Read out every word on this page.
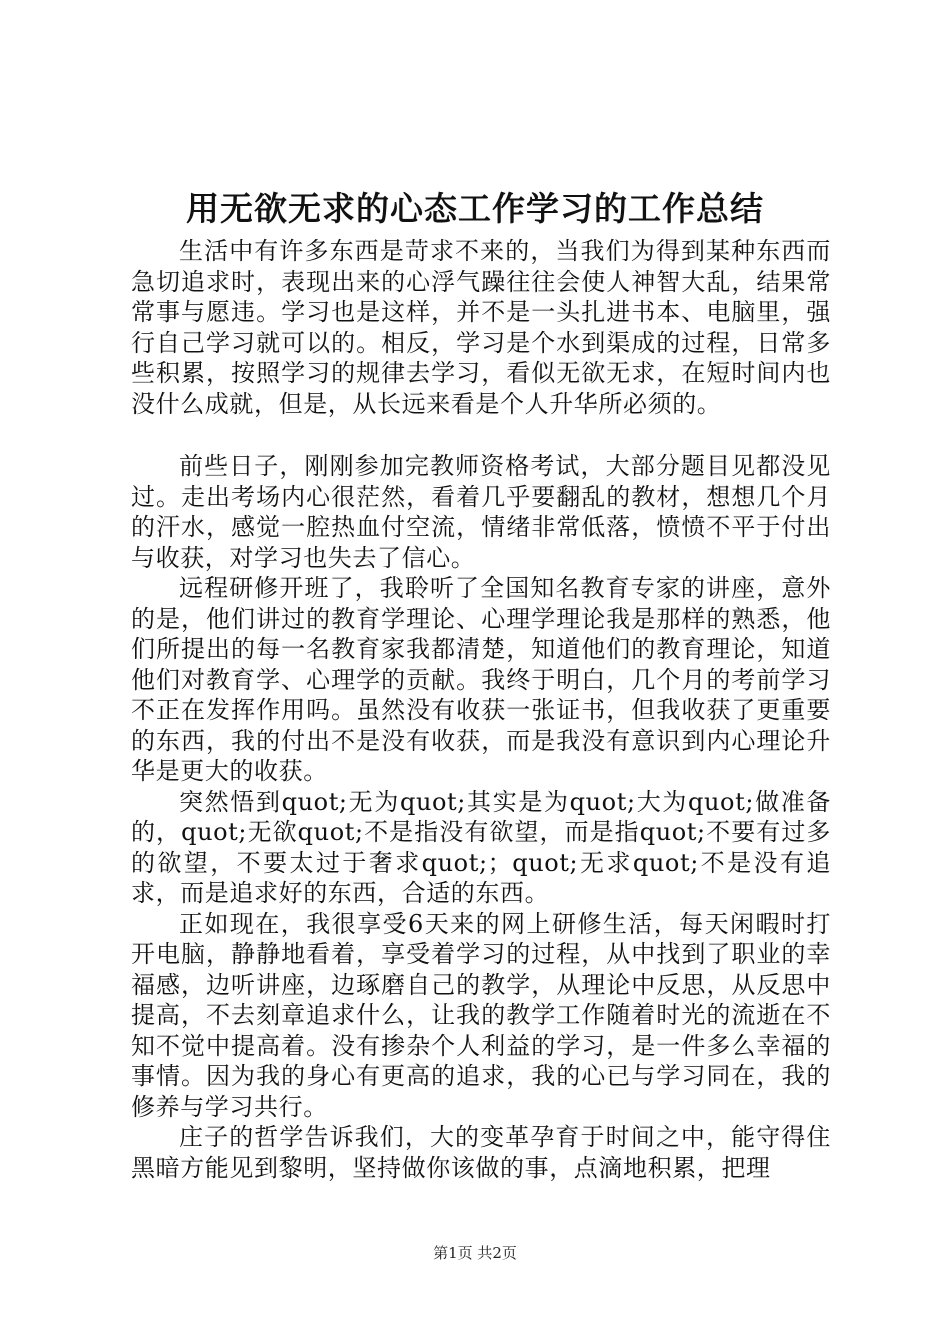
用无欲无求的心态工作学习的工作总结

生活中有许多东西是苛求不来的，当我们为得到某种东西而急切追求时，表现出来的心浮气躁往往会使人神智大乱，结果常常事与愿违。学习也是这样，并不是一头扎进书本、电脑里，强行自己学习就可以的。相反，学习是个水到渠成的过程，日常多些积累，按照学习的规律去学习，看似无欲无求，在短时间内也没什么成就，但是，从长远来看是个人升华所必须的。

前些日子，刚刚参加完教师资格考试，大部分题目见都没见过。走出考场内心很茫然，看着几乎要翻乱的教材，想想几个月的汗水，感觉一腔热血付空流，情绪非常低落，愤愤不平于付出与收获，对学习也失去了信心。

远程研修开班了，我聆听了全国知名教育专家的讲座，意外的是，他们讲过的教育学理论、心理学理论我是那样的熟悉，他们所提出的每一名教育家我都清楚，知道他们的教育理论，知道他们对教育学、心理学的贡献。我终于明白，几个月的考前学习不正在发挥作用吗。虽然没有收获一张证书，但我收获了更重要的东西，我的付出不是没有收获，而是我没有意识到内心理论升华是更大的收获。

突然悟到quot;无为quot;其实是为quot;大为quot;做准备的，quot;无欲quot;不是指没有欲望，而是指quot;不要有过多的欲望，不要太过于奢求quot;；quot;无求quot;不是没有追求，而是追求好的东西，合适的东西。

正如现在，我很享受6天来的网上研修生活，每天闲暇时打开电脑，静静地看着，享受着学习的过程，从中找到了职业的幸福感，边听讲座，边琢磨自己的教学，从理论中反思，从反思中提高，不去刻章追求什么，让我的教学工作随着时光的流逝在不知不觉中提高着。没有掺杂个人利益的学习，是一件多么幸福的事情。因为我的身心有更高的追求，我的心已与学习同在，我的修养与学习共行。

庄子的哲学告诉我们，大的变革孕育于时间之中，能守得住黑暗方能见到黎明，坚持做你该做的事，点滴地积累，把理

第1页 共2页
